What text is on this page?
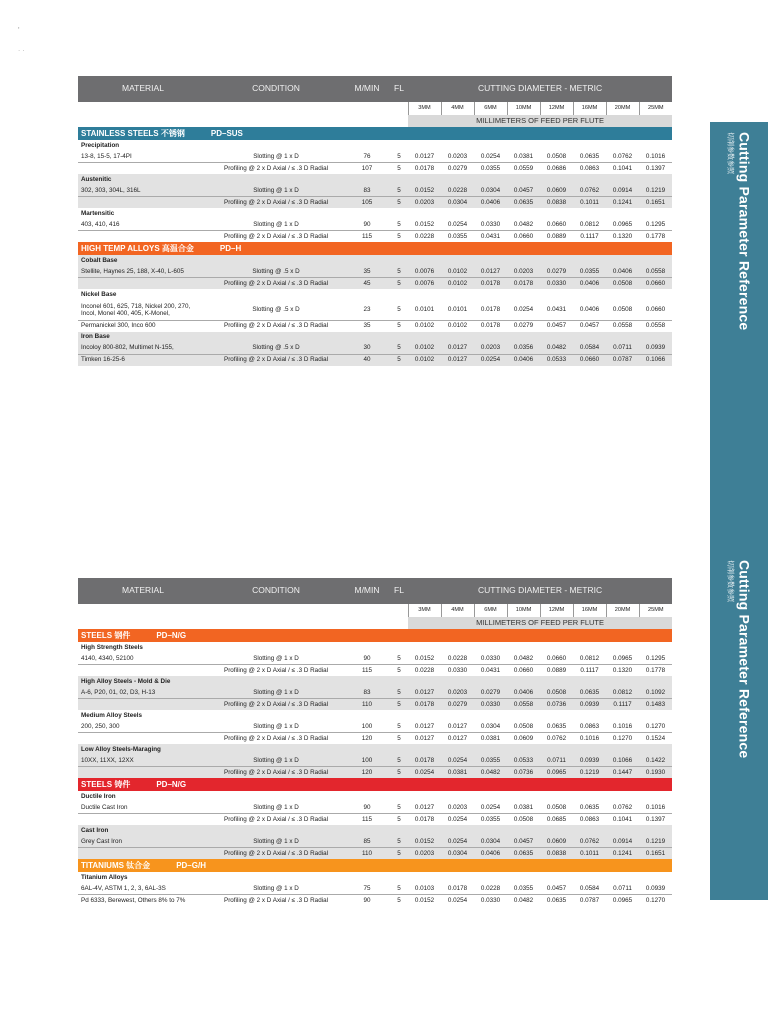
'
. .
MATERIAL	CONDITION	M/MIN	FL	CUTTING DIAMETER - METRIC							
				3MM	4MM	6MM	10MM	12MM	16MM	20MM	25MM
				MILLIMETERS OF FEED PER FLUTE							
STAINLESS STEELS 不锈钢 PD–SUS											
Precipitation											
13-8, 15-5, 17-4PI	Slotting @ 1 x D	76	5	0.0127	0.0203	0.0254	0.0381	0.0508	0.0635	0.0762	0.1016
	Profiling @ 2 x D Axial / ≤ .3 D Radial	107	5	0.0178	0.0279	0.0355	0.0559	0.0686	0.0863	0.1041	0.1397
Austenitic											
302, 303, 304L, 316L	Slotting @ 1 x D	83	5	0.0152	0.0228	0.0304	0.0457	0.0609	0.0762	0.0914	0.1219
	Profiling @ 2 x D Axial / ≤ .3 D Radial	105	5	0.0203	0.0304	0.0406	0.0635	0.0838	0.1011	0.1241	0.1651
Martensitic											
403, 410, 416	Slotting @ 1 x D	90	5	0.0152	0.0254	0.0330	0.0482	0.0660	0.0812	0.0965	0.1295
	Profiling @ 2 x D Axial / ≤ .3 D Radial	115	5	0.0228	0.0355	0.0431	0.0660	0.0889	0.1117	0.1320	0.1778
HIGH TEMP ALLOYS 高温合金 PD–H											
Cobalt Base											
Stellite, Haynes 25, 188, X-40, L-605	Slotting @ .5 x D	35	5	0.0076	0.0102	0.0127	0.0203	0.0279	0.0355	0.0406	0.0558
	Profiling @ 2 x D Axial / ≤ .3 D Radial	45	5	0.0076	0.0102	0.0178	0.0178	0.0330	0.0406	0.0508	0.0660
Nickel Base											
Inconel 601, 625, 718, Nickel 200, 270, Incol, Monel 400, 405, K-Monel,	Slotting @ .5 x D	23	5	0.0101	0.0101	0.0178	0.0254	0.0431	0.0406	0.0508	0.0660
Permanickel 300, Inco 600	Profiling @ 2 x D Axial / ≤ .3 D Radial	35	5	0.0102	0.0102	0.0178	0.0279	0.0457	0.0457	0.0558	0.0558
Iron Base											
Incoloy 800-802, Multimet N-155,	Slotting @ .5 x D	30	5	0.0102	0.0127	0.0203	0.0356	0.0482	0.0584	0.0711	0.0939
Timken 16-25-6	Profiling @ 2 x D Axial / ≤ .3 D Radial	40	5	0.0102	0.0127	0.0254	0.0406	0.0533	0.0660	0.0787	0.1066
MATERIAL	CONDITION	M/MIN	FL	CUTTING DIAMETER - METRIC							
				3MM	4MM	6MM	10MM	12MM	16MM	20MM	25MM
				MILLIMETERS OF FEED PER FLUTE							
STEELS 钢件 PD–N/G											
High Strength Steels											
4140, 4340, 52100	Slotting @ 1 x D	90	5	0.0152	0.0228	0.0330	0.0482	0.0660	0.0812	0.0965	0.1295
	Profiling @ 2 x D Axial / ≤ .3 D Radial	115	5	0.0228	0.0330	0.0431	0.0660	0.0889	0.1117	0.1320	0.1778
High Alloy Steels - Mold & Die											
A-6, P20, 01, 02, D3, H-13	Slotting @ 1 x D	83	5	0.0127	0.0203	0.0279	0.0406	0.0508	0.0635	0.0812	0.1092
	Profiling @ 2 x D Axial / ≤ .3 D Radial	110	5	0.0178	0.0279	0.0330	0.0558	0.0736	0.0939	0.1117	0.1483
Medium Alloy Steels											
200, 250, 300	Slotting @ 1 x D	100	5	0.0127	0.0127	0.0304	0.0508	0.0635	0.0863	0.1016	0.1270
	Profiling @ 2 x D Axial / ≤ .3 D Radial	120	5	0.0127	0.0127	0.0381	0.0609	0.0762	0.1016	0.1270	0.1524
Low Alloy Steels-Maraging											
10XX, 11XX, 12XX	Slotting @ 1 x D	100	5	0.0178	0.0254	0.0355	0.0533	0.0711	0.0939	0.1066	0.1422
	Profiling @ 2 x D Axial / ≤ .3 D Radial	120	5	0.0254	0.0381	0.0482	0.0736	0.0965	0.1219	0.1447	0.1930
STEELS 铸件 PD–N/G											
Ductile Iron											
Ductile Cast Iron	Slotting @ 1 x D	90	5	0.0127	0.0203	0.0254	0.0381	0.0508	0.0635	0.0762	0.1016
	Profiling @ 2 x D Axial / ≤ .3 D Radial	115	5	0.0178	0.0254	0.0355	0.0508	0.0685	0.0863	0.1041	0.1397
Cast Iron											
Grey Cast Iron	Slotting @ 1 x D	85	5	0.0152	0.0254	0.0304	0.0457	0.0609	0.0762	0.0914	0.1219
	Profiling @ 2 x D Axial / ≤ .3 D Radial	110	5	0.0203	0.0304	0.0406	0.0635	0.0838	0.1011	0.1241	0.1651
TITANIUMS 钛合金 PD–G/H											
Titanium Alloys											
6AL-4V, ASTM 1, 2, 3, 6AL-3S	Slotting @ 1 x D	75	5	0.0103	0.0178	0.0228	0.0355	0.0457	0.0584	0.0711	0.0939
Pd 6333, Berewest, Others 8% to 7%	Profiling @ 2 x D Axial / ≤ .3 D Radial	90	5	0.0152	0.0254	0.0330	0.0482	0.0635	0.0787	0.0965	0.1270
Cutting Parameter Reference
切削参数参照
Cutting Parameter Reference
切削参数参照
